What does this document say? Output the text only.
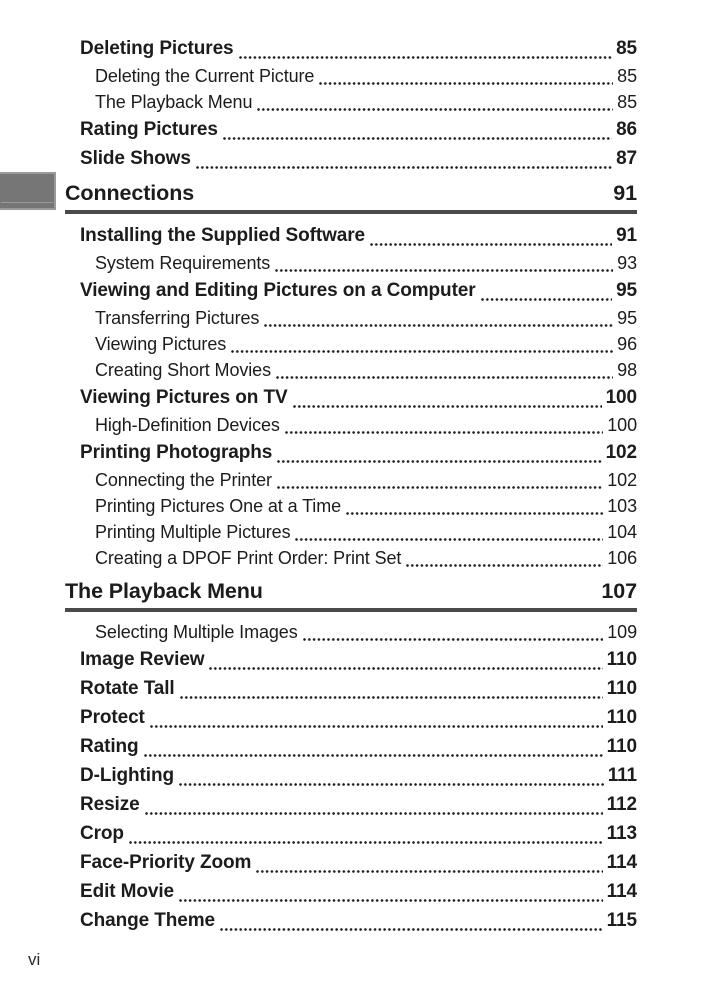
Deleting Pictures	85
Deleting the Current Picture	85
The Playback Menu	85
Rating Pictures	86
Slide Shows	87
Connections	91
Installing the Supplied Software	91
System Requirements	93
Viewing and Editing Pictures on a Computer	95
Transferring Pictures	95
Viewing Pictures	96
Creating Short Movies	98
Viewing Pictures on TV	100
High-Definition Devices	100
Printing Photographs	102
Connecting the Printer	102
Printing Pictures One at a Time	103
Printing Multiple Pictures	104
Creating a DPOF Print Order: Print Set	106
The Playback Menu	107
Selecting Multiple Images	109
Image Review	110
Rotate Tall	110
Protect	110
Rating	110
D-Lighting	111
Resize	112
Crop	113
Face-Priority Zoom	114
Edit Movie	114
Change Theme	115
vi
